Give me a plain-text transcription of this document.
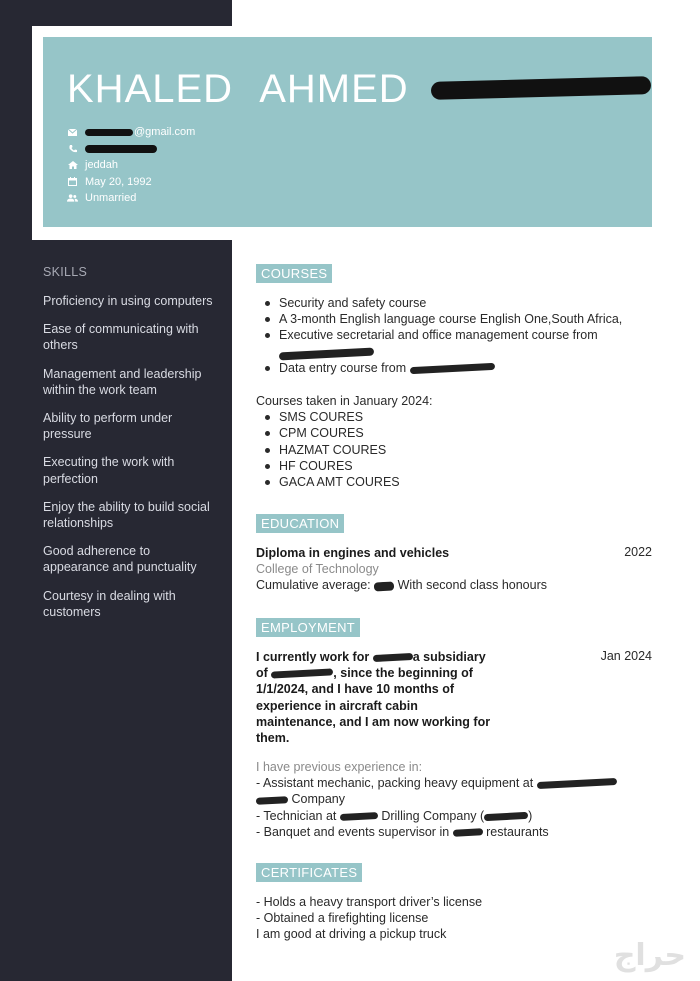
KHALED AHMED
@gmail.com
jeddah
May 20, 1992
Unmarried
SKILLS
Proficiency in using computers
Ease of communicating with others
Management and leadership within the work team
Ability to perform under pressure
Executing the work with perfection
Enjoy the ability to build social relationships
Good adherence to appearance and punctuality
Courtesy in dealing with customers
COURSES
Security and safety course
A 3-month English language course English One,South Africa,
Executive secretarial and office management course from

Data entry course from
Courses taken in January 2024:
SMS COURES
CPM COURES
HAZMAT COURES
HF COURES
GACA AMT COURES
EDUCATION
Diploma in engines and vehicles
College of Technology
Cumulative average: With second class honours
2022
EMPLOYMENT
I currently work for	a subsidiary
of	, since the beginning of
1/1/2024, and I have 10 months of
experience in aircraft cabin
maintenance, and I am now working for
them.
Jan 2024
I have previous experience in:
- Assistant mechanic, packing heavy equipment at
Company
- Technician at	Drilling Company (	)
- Banquet and events supervisor in	restaurants
CERTIFICATES
- Holds a heavy transport driver’s license
- Obtained a firefighting license
I am good at driving a pickup truck
حراج
